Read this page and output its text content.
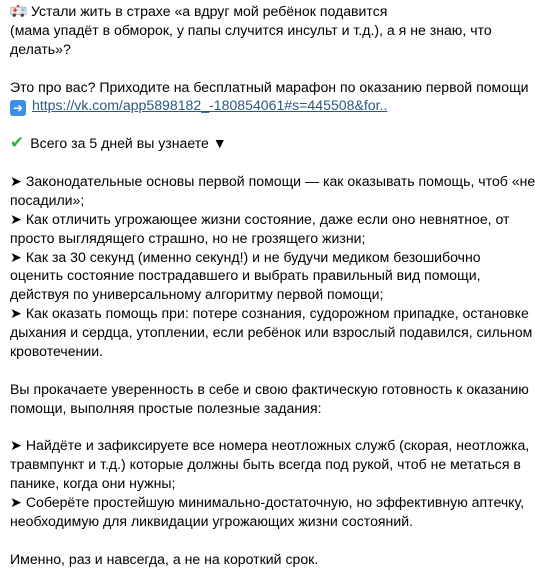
Устали жить в страхе «а вдруг мой ребёнок подавится
(мама упадёт в обморок, у папы случится инсульт и т.д.), а я не знаю, что
делать»?
Это про вас? Приходите на бесплатный марафон по оказанию первой помощи
➜ https://vk.com/app5898182_-180854061#s=445508&for..
✔ Всего за 5 дней вы узнаете ▼
➤ Законодательные основы первой помощи — как оказывать помощь, чтоб «не
посадили»;
➤ Как отличить угрожающее жизни состояние, даже если оно невнятное, от
просто выглядящего страшно, но не грозящего жизни;
➤ Как за 30 секунд (именно секунд!) и не будучи медиком безошибочно
оценить состояние пострадавшего и выбрать правильный вид помощи,
действуя по универсальному алгоритму первой помощи;
➤ Как оказать помощь при: потере сознания, судорожном припадке, остановке
дыхания и сердца, утоплении, если ребёнок или взрослый подавился, сильном
кровотечении.
Вы прокачаете уверенность в себе и свою фактическую готовность к оказанию
помощи, выполняя простые полезные задания:
➤ Найдёте и зафиксируете все номера неотложных служб (скорая, неотложка,
травмпункт и т.д.) которые должны быть всегда под рукой, чтоб не метаться в
панике, когда они нужны;
➤ Соберёте простейшую минимально-достаточную, но эффективную аптечку,
необходимую для ликвидации угрожающих жизни состояний.
Именно, раз и навсегда, а не на короткий срок.
